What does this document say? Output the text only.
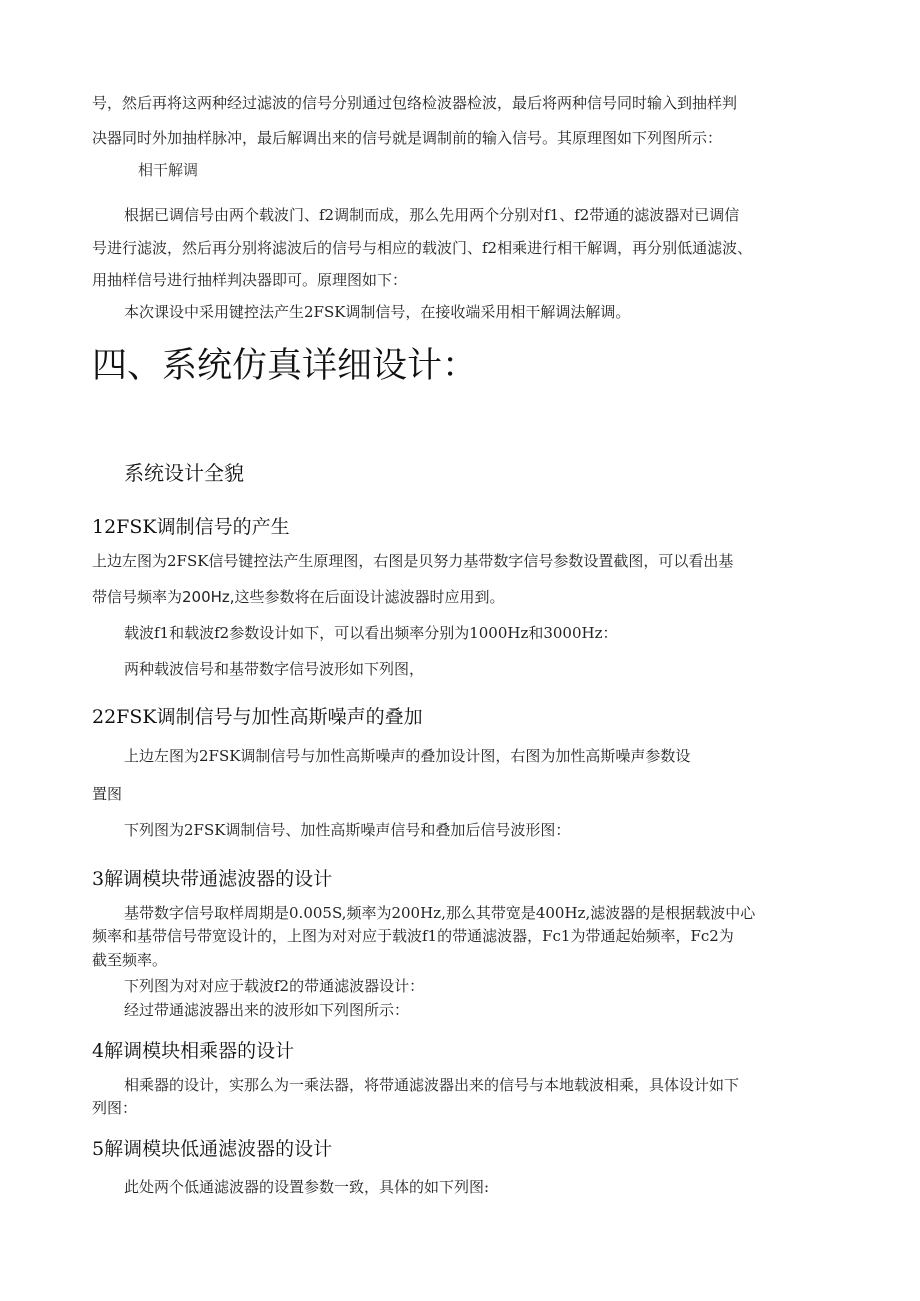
号，然后再将这两种经过滤波的信号分别通过包络检波器检波，最后将两种信号同时输入到抽样判
决器同时外加抽样脉冲，最后解调出来的信号就是调制前的输入信号。其原理图如下列图所示：
相干解调
根据已调信号由两个载波门、f2调制而成，那么先用两个分别对f1、f2带通的滤波器对已调信
号进行滤波，然后再分别将滤波后的信号与相应的载波门、f2相乘进行相干解调，再分别低通滤波、
用抽样信号进行抽样判决器即可。原理图如下：
本次课设中采用键控法产生2FSK调制信号，在接收端采用相干解调法解调。
四、系统仿真详细设计：
系统设计全貌
12FSK调制信号的产生
上边左图为2FSK信号键控法产生原理图，右图是贝努力基带数字信号参数设置截图，可以看出基
带信号频率为200Hz,这些参数将在后面设计滤波器时应用到。
载波f1和载波f2参数设计如下，可以看出频率分别为1000Hz和3000Hz：
两种载波信号和基带数字信号波形如下列图，
22FSK调制信号与加性高斯噪声的叠加
上边左图为2FSK调制信号与加性高斯噪声的叠加设计图，右图为加性高斯噪声参数设
置图
下列图为2FSK调制信号、加性高斯噪声信号和叠加后信号波形图：
3解调模块带通滤波器的设计
基带数字信号取样周期是0.005S,频率为200Hz,那么其带宽是400Hz,滤波器的是根据载波中心
频率和基带信号带宽设计的，上图为对对应于载波f1的带通滤波器，Fc1为带通起始频率，Fc2为
截至频率。
下列图为对对应于载波f2的带通滤波器设计：
经过带通滤波器出来的波形如下列图所示：
4解调模块相乘器的设计
相乘器的设计，实那么为一乘法器，将带通滤波器出来的信号与本地载波相乘，具体设计如下
列图：
5解调模块低通滤波器的设计
此处两个低通滤波器的设置参数一致，具体的如下列图:
